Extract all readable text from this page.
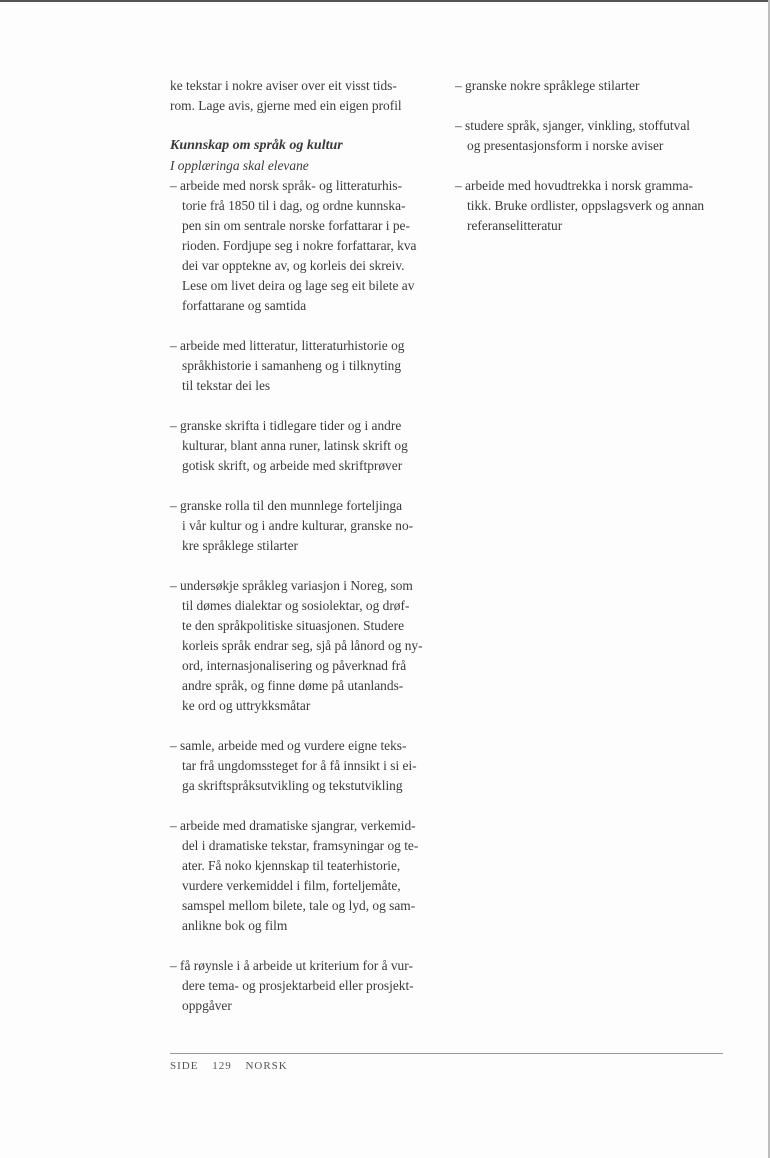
ke tekstar i nokre aviser over eit visst tids-
rom. Lage avis, gjerne med ein eigen profil
Kunnskap om språk og kultur
I opplæringa skal elevane
– arbeide med norsk språk- og litteraturhis-
torie frå 1850 til i dag, og ordne kunnska-
pen sin om sentrale norske forfattarar i pe-
rioden. Fordjupe seg i nokre forfattarar, kva
dei var opptekne av, og korleis dei skreiv.
Lese om livet deira og lage seg eit bilete av
forfattarane og samtida
– arbeide med litteratur, litteraturhistorie og
språkhistorie i samanheng og i tilknyting
til tekstar dei les
– granske skrifta i tidlegare tider og i andre
kulturar, blant anna runer, latinsk skrift og
gotisk skrift, og arbeide med skriftprøver
– granske rolla til den munnlege forteljinga
i vår kultur og i andre kulturar, granske no-
kre språklege stilarter
– undersøkje språkleg variasjon i Noreg, som
til dømes dialektar og sosiolektar, og drøf-
te den språkpolitiske situasjonen. Studere
korleis språk endrar seg, sjå på lånord og ny-
ord, internasjonalisering og påverknad frå
andre språk, og finne døme på utanlands-
ke ord og uttrykksmåtar
– samle, arbeide med og vurdere eigne teks-
tar frå ungdomssteget for å få innsikt i si ei-
ga skriftspråksutvikling og tekstutvikling
– arbeide med dramatiske sjangrar, verkemid-
del i dramatiske tekstar, framsyningar og te-
ater. Få noko kjennskap til teaterhistorie,
vurdere verkemiddel i film, forteljemåte,
samspel mellom bilete, tale og lyd, og sam-
anlikne bok og film
– få røynsle i å arbeide ut kriterium for å vur-
dere tema- og prosjektarbeid eller prosjekt-
oppgåver
– granske nokre språklege stilarter
– studere språk, sjanger, vinkling, stoffutval
og presentasjonsform i norske aviser
– arbeide med hovudtrekka i norsk gramma-
tikk. Bruke ordlister, oppslagsverk og annan
referanselitteratur
SIDE 129 NORSK
